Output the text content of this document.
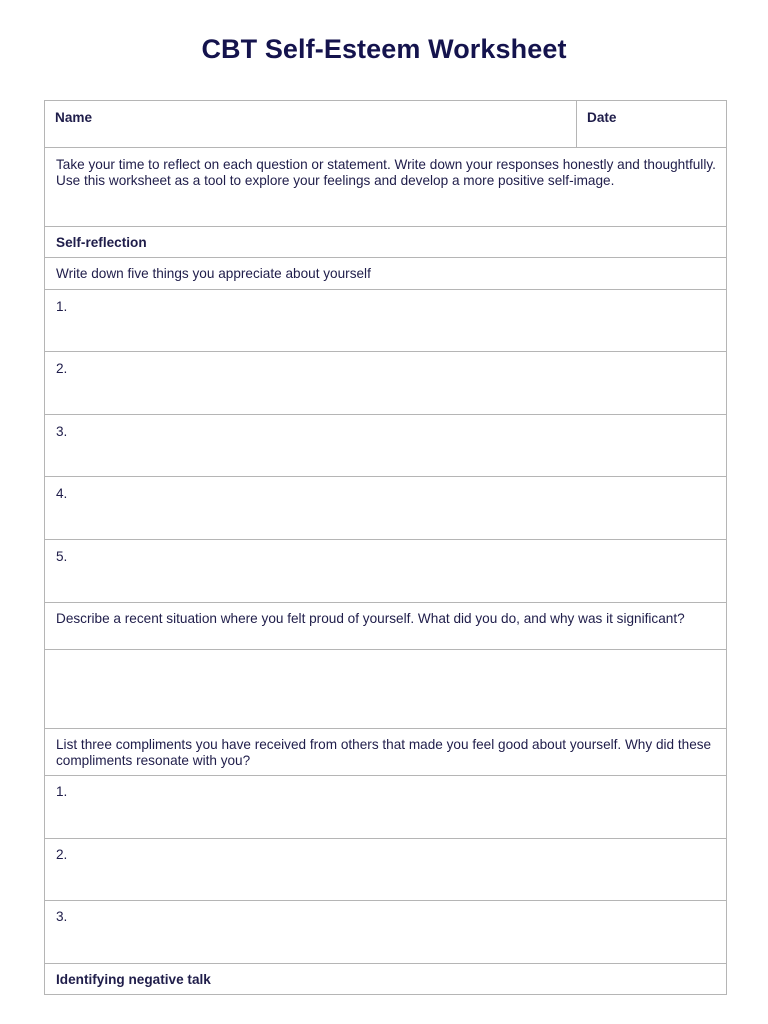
CBT Self-Esteem Worksheet
Name	Date
Take your time to reflect on each question or statement. Write down your responses honestly and thoughtfully. Use this worksheet as a tool to explore your feelings and develop a more positive self-image.
Self-reflection
Write down five things you appreciate about yourself
1.
2.
3.
4.
5.
Describe a recent situation where you felt proud of yourself. What did you do, and why was it significant?
List three compliments you have received from others that made you feel good about yourself. Why did these compliments resonate with you?
1.
2.
3.
Identifying negative talk
